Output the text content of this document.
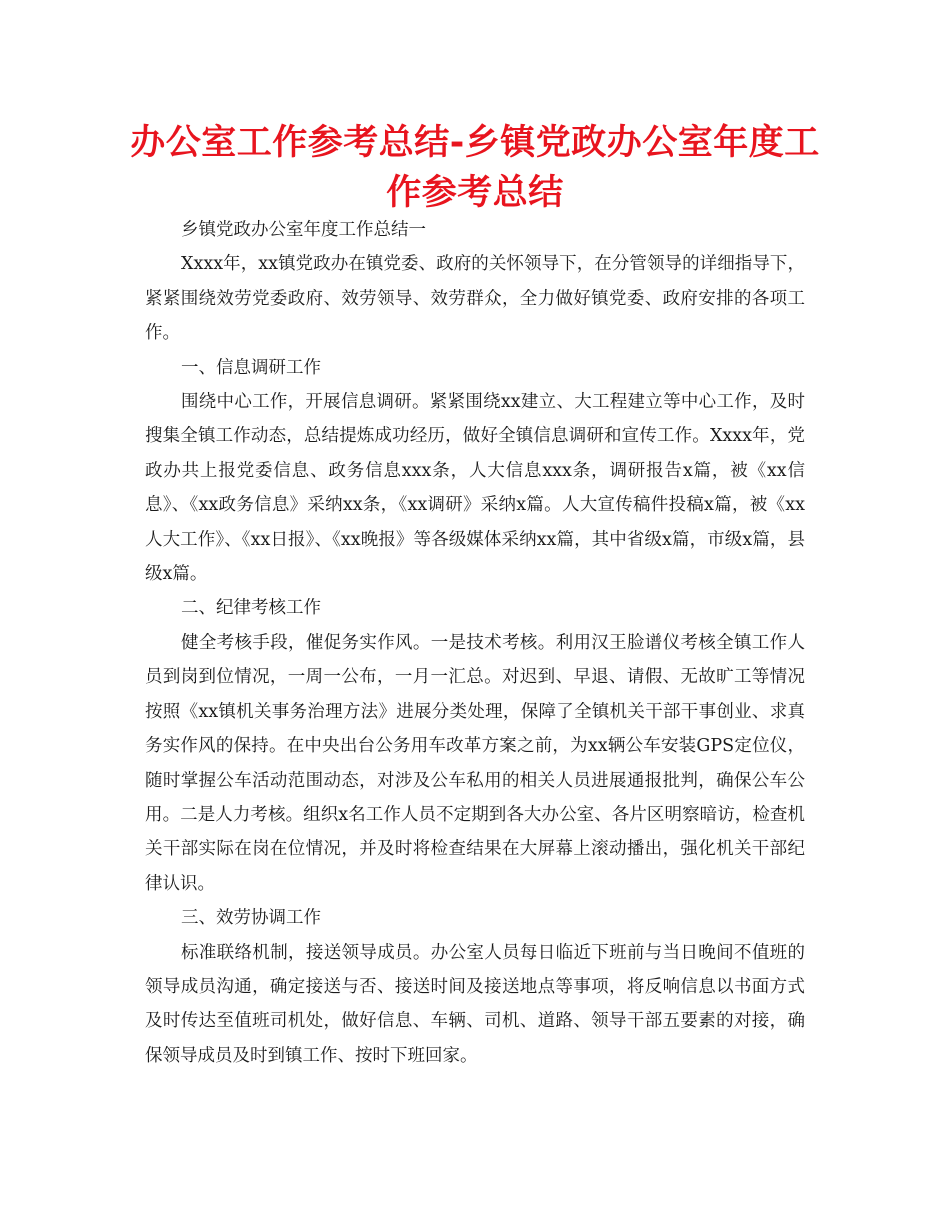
办公室工作参考总结-乡镇党政办公室年度工作参考总结

乡镇党政办公室年度工作总结一

Xxxx年，xx镇党政办在镇党委、政府的关怀领导下，在分管领导的详细指导下，紧紧围绕效劳党委政府、效劳领导、效劳群众，全力做好镇党委、政府安排的各项工作。

一、信息调研工作

围绕中心工作，开展信息调研。紧紧围绕xx建立、大工程建立等中心工作，及时搜集全镇工作动态，总结提炼成功经历，做好全镇信息调研和宣传工作。Xxxx年，党政办共上报党委信息、政务信息xxx条，人大信息xxx条，调研报告x篇，被《xx信息》、《xx政务信息》采纳xx条，《xx调研》采纳x篇。人大宣传稿件投稿x篇，被《xx人大工作》、《xx日报》、《xx晚报》等各级媒体采纳xx篇，其中省级x篇，市级x篇，县级x篇。

二、纪律考核工作

健全考核手段，催促务实作风。一是技术考核。利用汉王脸谱仪考核全镇工作人员到岗到位情况，一周一公布，一月一汇总。对迟到、早退、请假、无故旷工等情况按照《xx镇机关事务治理方法》进展分类处理，保障了全镇机关干部干事创业、求真务实作风的保持。在中央出台公务用车改革方案之前，为xx辆公车安装GPS定位仪，随时掌握公车活动范围动态，对涉及公车私用的相关人员进展通报批判，确保公车公用。二是人力考核。组织x名工作人员不定期到各大办公室、各片区明察暗访，检查机关干部实际在岗在位情况，并及时将检查结果在大屏幕上滚动播出，强化机关干部纪律认识。

三、效劳协调工作

标准联络机制，接送领导成员。办公室人员每日临近下班前与当日晚间不值班的领导成员沟通，确定接送与否、接送时间及接送地点等事项，将反响信息以书面方式及时传达至值班司机处，做好信息、车辆、司机、道路、领导干部五要素的对接，确保领导成员及时到镇工作、按时下班回家。
